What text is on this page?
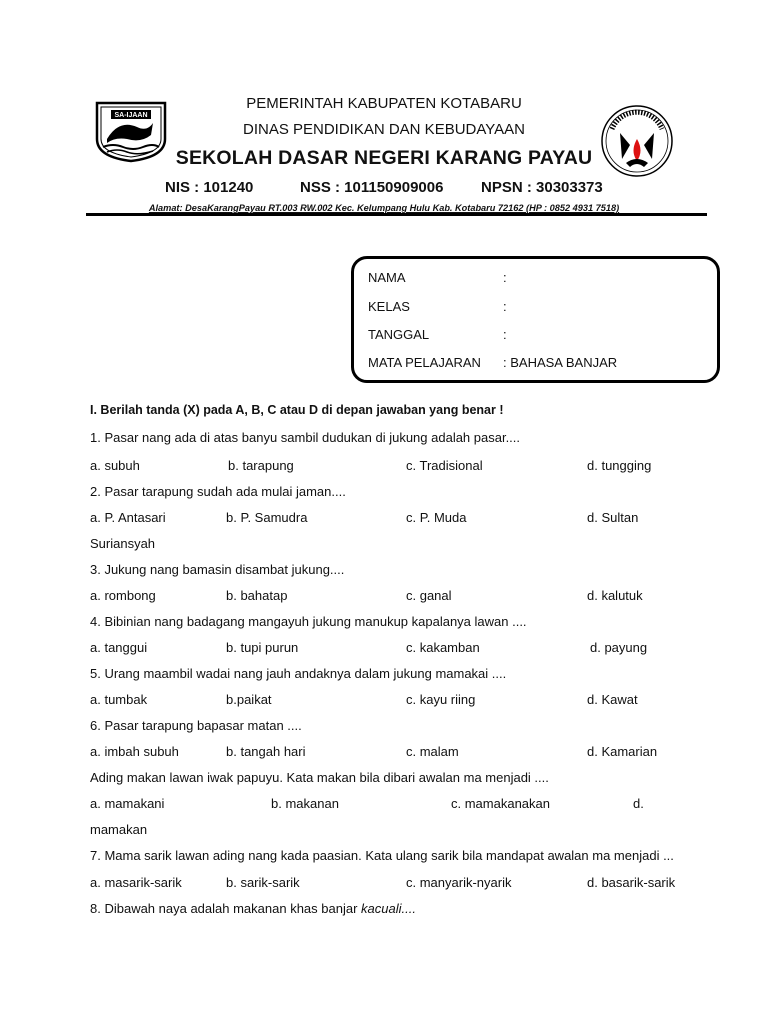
SA-IJAAN
PEMERINTAH KABUPATEN KOTABARU
DINAS PENDIDIKAN DAN KEBUDAYAAN
SEKOLAH DASAR NEGERI KARANG PAYAU
NIS : 101240	NSS : 101150909006	NPSN : 30303373
Alamat: DesaKarangPayau RT.003 RW.002 Kec. Kelumpang Hulu Kab. Kotabaru 72162 (HP : 0852 4931 7518)
NAMA	:
KELAS	:
TANGGAL	:
MATA PELAJARAN : BAHASA BANJAR
I. Berilah tanda (X) pada A, B, C atau D di depan jawaban yang benar !
1. Pasar nang ada di atas banyu sambil dudukan di jukung adalah pasar....
a. subuh	b. tarapung	c. Tradisional	d. tungging
2. Pasar tarapung sudah ada mulai jaman....
a. P. Antasari	b. P. Samudra	c. P. Muda	d. Sultan
Suriansyah
3. Jukung nang bamasin disambat jukung....
a. rombong	b. bahatap	c. ganal	d. kalutuk
4. Bibinian nang badagang mangayuh jukung manukup kapalanya lawan ....
a. tanggui	b. tupi purun	c. kakamban	d. payung
5. Urang maambil wadai nang jauh andaknya dalam jukung mamakai ....
a. tumbak	b.paikat	c. kayu riing	d. Kawat
6. Pasar tarapung bapasar matan ....
a. imbah subuh	b. tangah hari	c. malam	d. Kamarian
Ading makan lawan iwak papuyu. Kata makan bila dibari awalan ma menjadi ....
a. mamakani	b. makanan	c. mamakanakan	d.
mamakan
7. Mama sarik lawan ading nang kada paasian. Kata ulang sarik bila mandapat awalan ma menjadi ...
a. masarik-sarik	b. sarik-sarik	c. manyarik-nyarik	d. basarik-sarik
8. Dibawah naya adalah makanan khas banjar kacuali....
